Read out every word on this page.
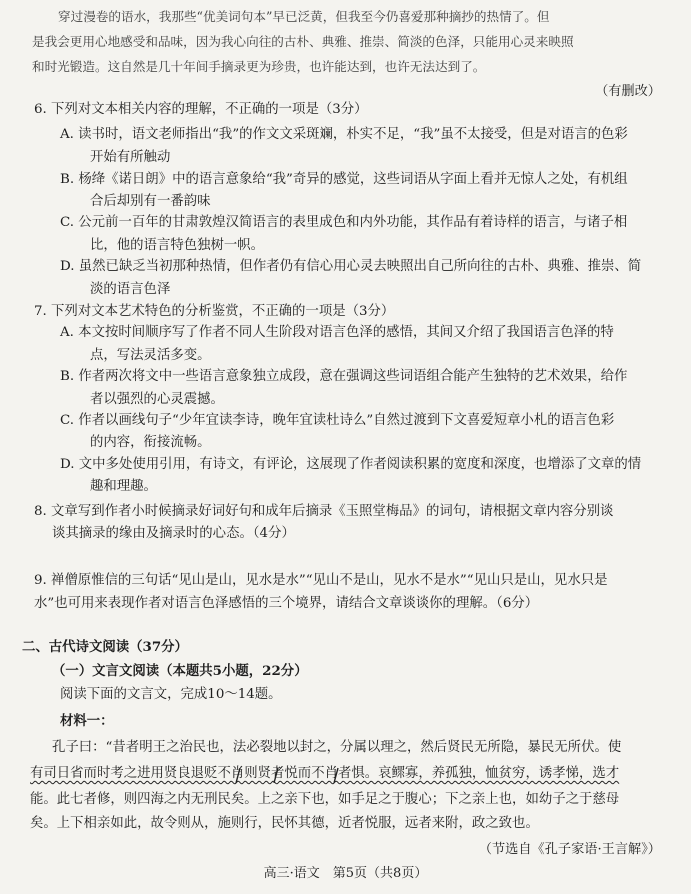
穿过漫卷的语水，我那些“优美词句本”早已泛黄，但我至今仍喜爱那种摘抄的热情了。但
是我会更用心地感受和品味，因为我心向往的古朴、典雅、推崇、简淡的色泽，只能用心灵来映照
和时光锻造。这自然是几十年间手摘录更为珍贵，也许能达到，也许无法达到了。
（有删改）
6. 下列对文本相关内容的理解，不正确的一项是（3分）
A. 读书时，语文老师指出“我”的作文文采斑斓，朴实不足，“我”虽不太接受，但是对语言的色彩
开始有所触动
B. 杨绛《诺日朗》中的语言意象给“我”奇异的感觉，这些词语从字面上看并无惊人之处，有机组
合后却别有一番韵味
C. 公元前一百年的甘肃敦煌汉简语言的表里成色和内外功能，其作品有着诗样的语言，与诸子相
比，他的语言特色独树一帜。
D. 虽然已缺乏当初那种热情，但作者仍有信心用心灵去映照出自己所向往的古朴、典雅、推崇、简
淡的语言色泽
7. 下列对文本艺术特色的分析鉴赏，不正确的一项是（3分）
A. 本文按时间顺序写了作者不同人生阶段对语言色泽的感悟，其间又介绍了我国语言色泽的特
点，写法灵活多变。
B. 作者两次将文中一些语言意象独立成段，意在强调这些词语组合能产生独特的艺术效果，给作
者以强烈的心灵震撼。
C. 作者以画线句子“少年宜读李诗，晚年宜读杜诗么”自然过渡到下文喜爱短章小札的语言色彩
的内容，衔接流畅。
D. 文中多处使用引用，有诗文，有评论，这展现了作者阅读积累的宽度和深度，也增添了文章的情
趣和理趣。
8. 文章写到作者小时候摘录好词好句和成年后摘录《玉照堂梅品》的词句，请根据文章内容分别谈
谈其摘录的缘由及摘录时的心态。（4分）
9. 禅僧原惟信的三句话“见山是山，见水是水”“见山不是山，见水不是水”“见山只是山，见水只是
水”也可用来表现作者对语言色泽感悟的三个境界，请结合文章谈谈你的理解。（6分）
二、古代诗文阅读（37分）
（一）文言文阅读（本题共5小题，22分）
阅读下面的文言文，完成10～14题。
材料一：
孔子曰：“昔者明王之治民也，法必裂地以封之，分属以理之，然后贤民无所隐，暴民无所伏。使
有司日省而时考之进用贤良退贬不肖则贤者悦而不肖者惧。哀鳏寡，养孤独，恤贫穷，诱孝悌，选才
能。此七者修，则四海之内无刑民矣。上之亲下也，如手足之于腹心；下之亲上也，如幼子之于慈母
矣。上下相亲如此，故令则从，施则行，民怀其德，近者悦服，远者来附，政之致也。
（节选自《孔子家语·王言解》）
高三·语文　第5页（共8页）
